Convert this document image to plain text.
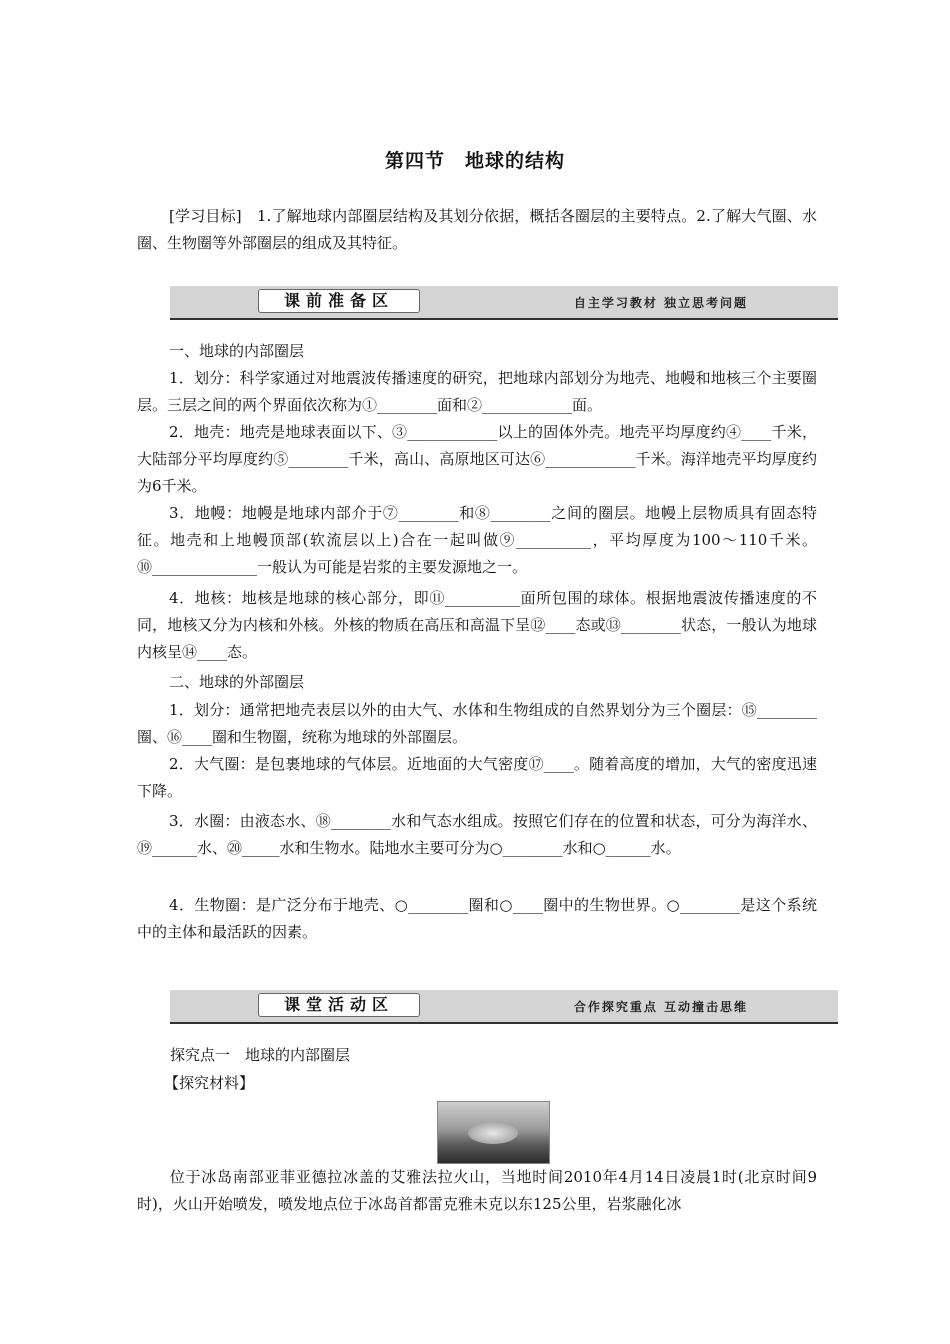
第四节　地球的结构

[学习目标]　1.了解地球内部圈层结构及其划分依据，概括各圈层的主要特点。2.了解大气圈、水圈、生物圈等外部圈层的组成及其特征。

课前准备区	自主学习教材 独立思考问题
一、地球的内部圈层

1．划分：科学家通过对地震波传播速度的研究，把地球内部划分为地壳、地幔和地核三个主要圈层。三层之间的两个界面依次称为①________面和②____________面。

2．地壳：地壳是地球表面以下、③____________以上的固体外壳。地壳平均厚度约④____千米，大陆部分平均厚度约⑤________千米，高山、高原地区可达⑥____________千米。海洋地壳平均厚度约为6千米。

3．地幔：地幔是地球内部介于⑦________和⑧________之间的圈层。地幔上层物质具有固态特征。地壳和上地幔顶部(软流层以上)合在一起叫做⑨__________，平均厚度为100～110千米。⑩______________一般认为可能是岩浆的主要发源地之一。

4．地核：地核是地球的核心部分，即⑪__________面所包围的球体。根据地震波传播速度的不同，地核又分为内核和外核。外核的物质在高压和高温下呈⑫____态或⑬________状态，一般认为地球内核呈⑭____态。

二、地球的外部圈层

1．划分：通常把地壳表层以外的由大气、水体和生物组成的自然界划分为三个圈层：⑮________圈、⑯____圈和生物圈，统称为地球的外部圈层。

2．大气圈：是包裹地球的气体层。近地面的大气密度⑰____。随着高度的增加，大气的密度迅速下降。

3．水圈：由液态水、⑱________水和气态水组成。按照它们存在的位置和状态，可分为海洋水、⑲______水、⑳_____水和生物水。陆地水主要可分为○________水和○______水。

4．生物圈：是广泛分布于地壳、○________圈和○____圈中的生物世界。○________是这个系统中的主体和最活跃的因素。

课堂活动区	合作探究重点 互动撞击思维
探究点一　地球的内部圈层
【探究材料】

位于冰岛南部亚菲亚德拉冰盖的艾雅法拉火山，当地时间2010年4月14日凌晨1时(北京时间9时)，火山开始喷发，喷发地点位于冰岛首都雷克雅未克以东125公里，岩浆融化冰
